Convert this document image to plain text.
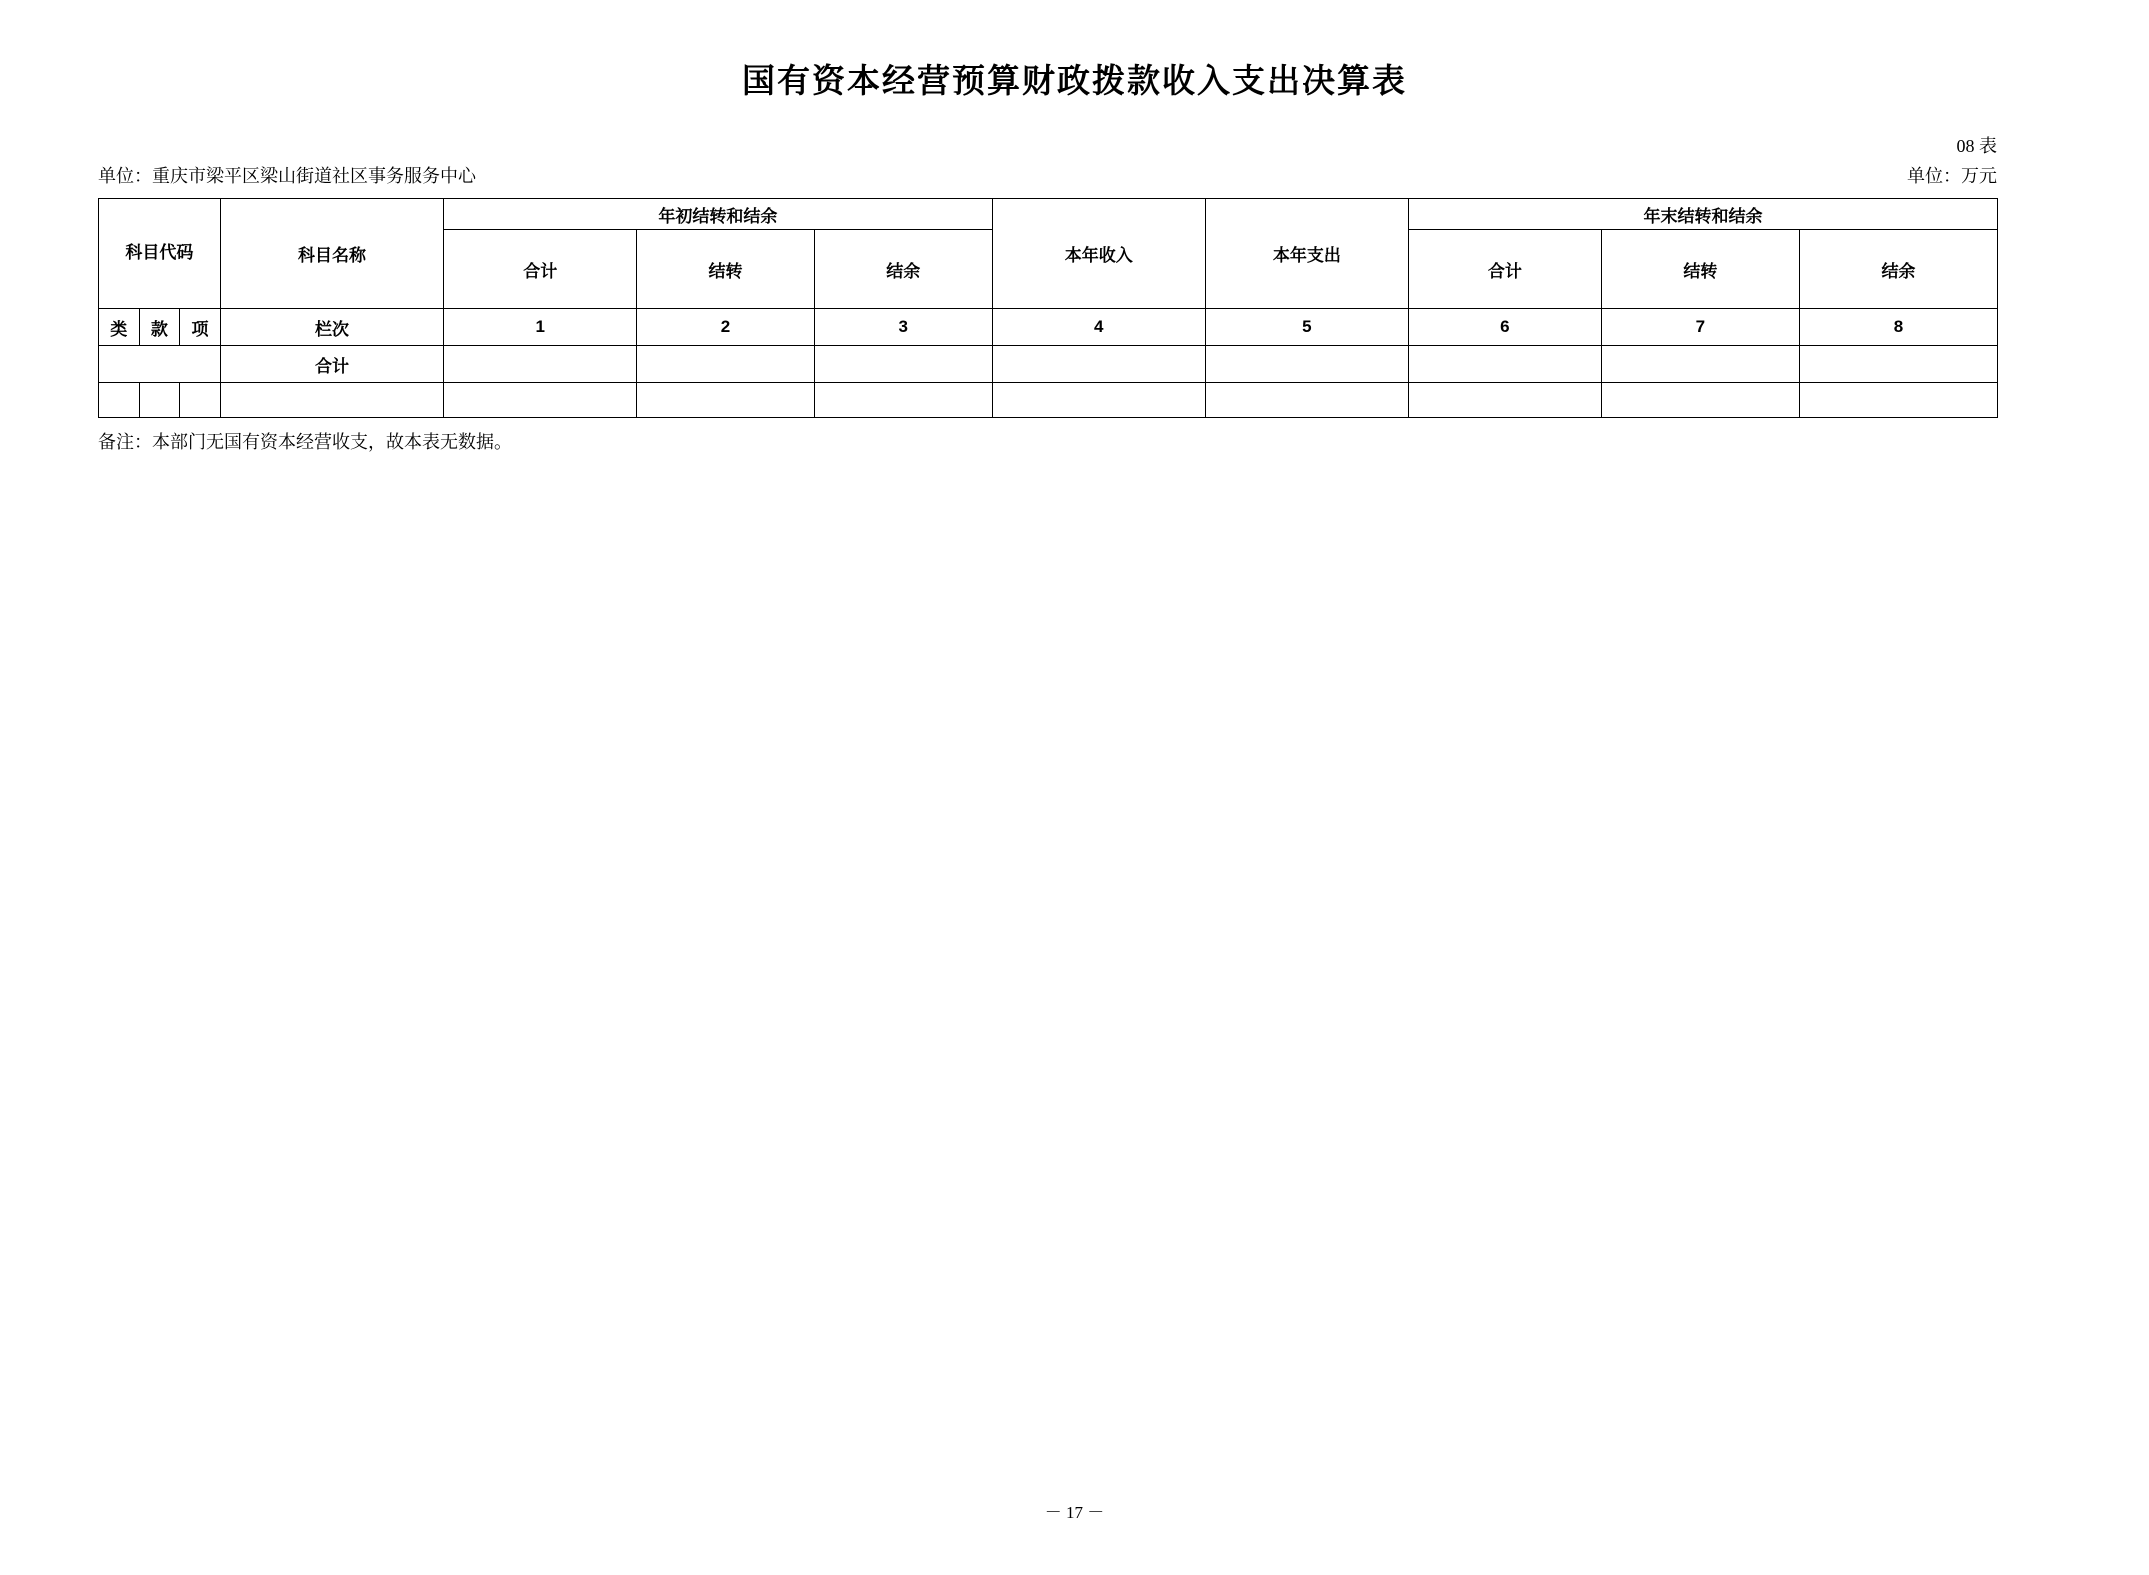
国有资本经营预算财政拨款收入支出决算表
08 表
单位：重庆市梁平区梁山街道社区事务服务中心	单位：万元
科目代码			科目名称	年初结转和结余			本年收入	本年支出	年末结转和结余		
				合计	结转	结余			合计	结转	结余
类	款	项	栏次	1	2	3	4	5	6	7	8
			合计								

备注：本部门无国有资本经营收支，故本表无数据。
－ 17 －
